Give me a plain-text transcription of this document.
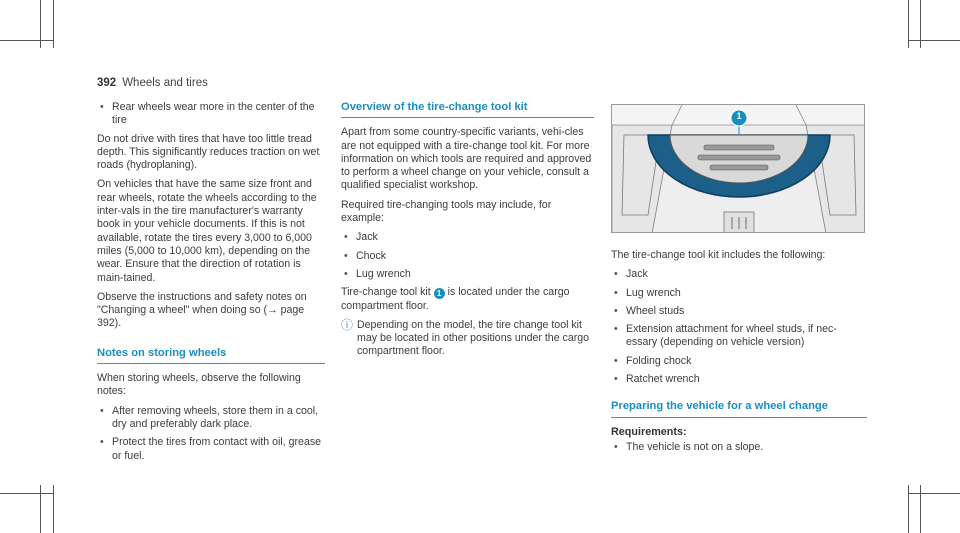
392 Wheels and tires
• Rear wheels wear more in the center of the tire

Do not drive with tires that have too little tread depth. This significantly reduces traction on wet roads (hydroplaning).

On vehicles that have the same size front and rear wheels, rotate the wheels according to the inter-vals in the tire manufacturer's warranty book in your vehicle documents. If this is not available, rotate the tires every 3,000 to 6,000 miles (5,000 to 10,000 km), depending on the wear. Ensure that the direction of rotation is main-tained.

Observe the instructions and safety notes on "Changing a wheel" when doing so (→ page 392).

Notes on storing wheels

When storing wheels, observe the following notes:

• After removing wheels, store them in a cool, dry and preferably dark place.
• Protect the tires from contact with oil, grease or fuel.
Overview of the tire-change tool kit

Apart from some country-specific variants, vehi-cles are not equipped with a tire-change tool kit. For more information on which tools are required and approved to perform a wheel change on your vehicle, consult a qualified specialist workshop.

Required tire-changing tools may include, for example:

• Jack
• Chock
• Lug wrench

Tire-change tool kit 1 is located under the cargo compartment floor.

ⓘ Depending on the model, the tire change tool kit may be located in other positions under the cargo compartment floor.
1

The tire-change tool kit includes the following:

• Jack
• Lug wrench
• Wheel studs
• Extension attachment for wheel studs, if nec-essary (depending on vehicle version)
• Folding chock
• Ratchet wrench
Preparing the vehicle for a wheel change
Requirements:
• The vehicle is not on a slope.
